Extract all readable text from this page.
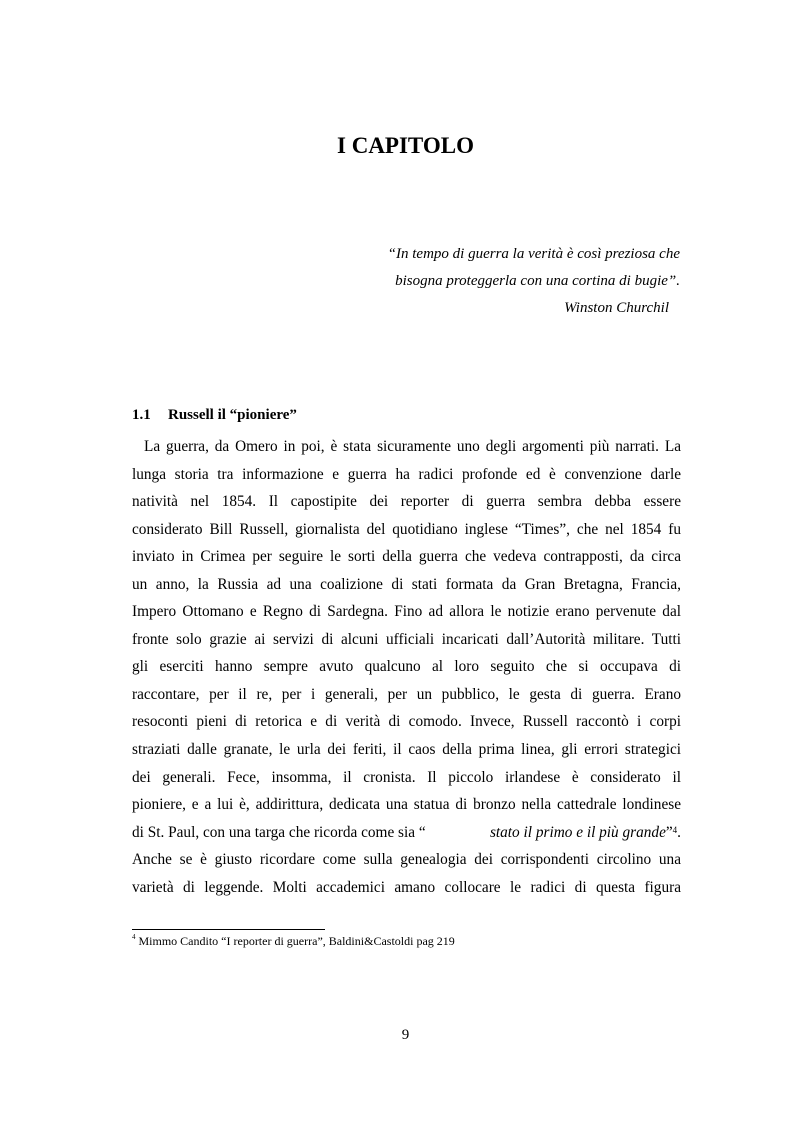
I CAPITOLO
“In tempo di guerra la verità è così preziosa che
bisogna proteggerla con una cortina di bugie”.
Winston Churchil
1.1 Russell il “pioniere”
La guerra, da Omero in poi, è stata sicuramente uno degli argomenti più narrati. La
lunga storia tra informazione e guerra ha radici profonde ed è convenzione darle
natività nel 1854. Il capostipite dei reporter di guerra sembra debba essere
considerato Bill Russell, giornalista del quotidiano inglese “Times”, che nel 1854 fu
inviato in Crimea per seguire le sorti della guerra che vedeva contrapposti, da circa
un anno, la Russia ad una coalizione di stati formata da Gran Bretagna, Francia,
Impero Ottomano e Regno di Sardegna. Fino ad allora le notizie erano pervenute dal
fronte solo grazie ai servizi di alcuni ufficiali incaricati dall’Autorità militare. Tutti
gli eserciti hanno sempre avuto qualcuno al loro seguito che si occupava di
raccontare, per il re, per i generali, per un pubblico, le gesta di guerra. Erano
resoconti pieni di retorica e di verità di comodo. Invece, Russell raccontò i corpi
straziati dalle granate, le urla dei feriti, il caos della prima linea, gli errori strategici
dei generali. Fece, insomma, il cronista. Il piccolo irlandese è considerato il
pioniere, e a lui è, addirittura, dedicata una statua di bronzo nella cattedrale londinese
di St. Paul, con una targa che ricorda come sia “	stato il primo e il più grande”$^4$.
Anche se è giusto ricordare come sulla genealogia dei corrispondenti circolino una
varietà di leggende. Molti accademici amano collocare le radici di questa figura
$^4$ Mimmo Candito “I reporter di guerra”, Baldini&Castoldi pag 219
9
